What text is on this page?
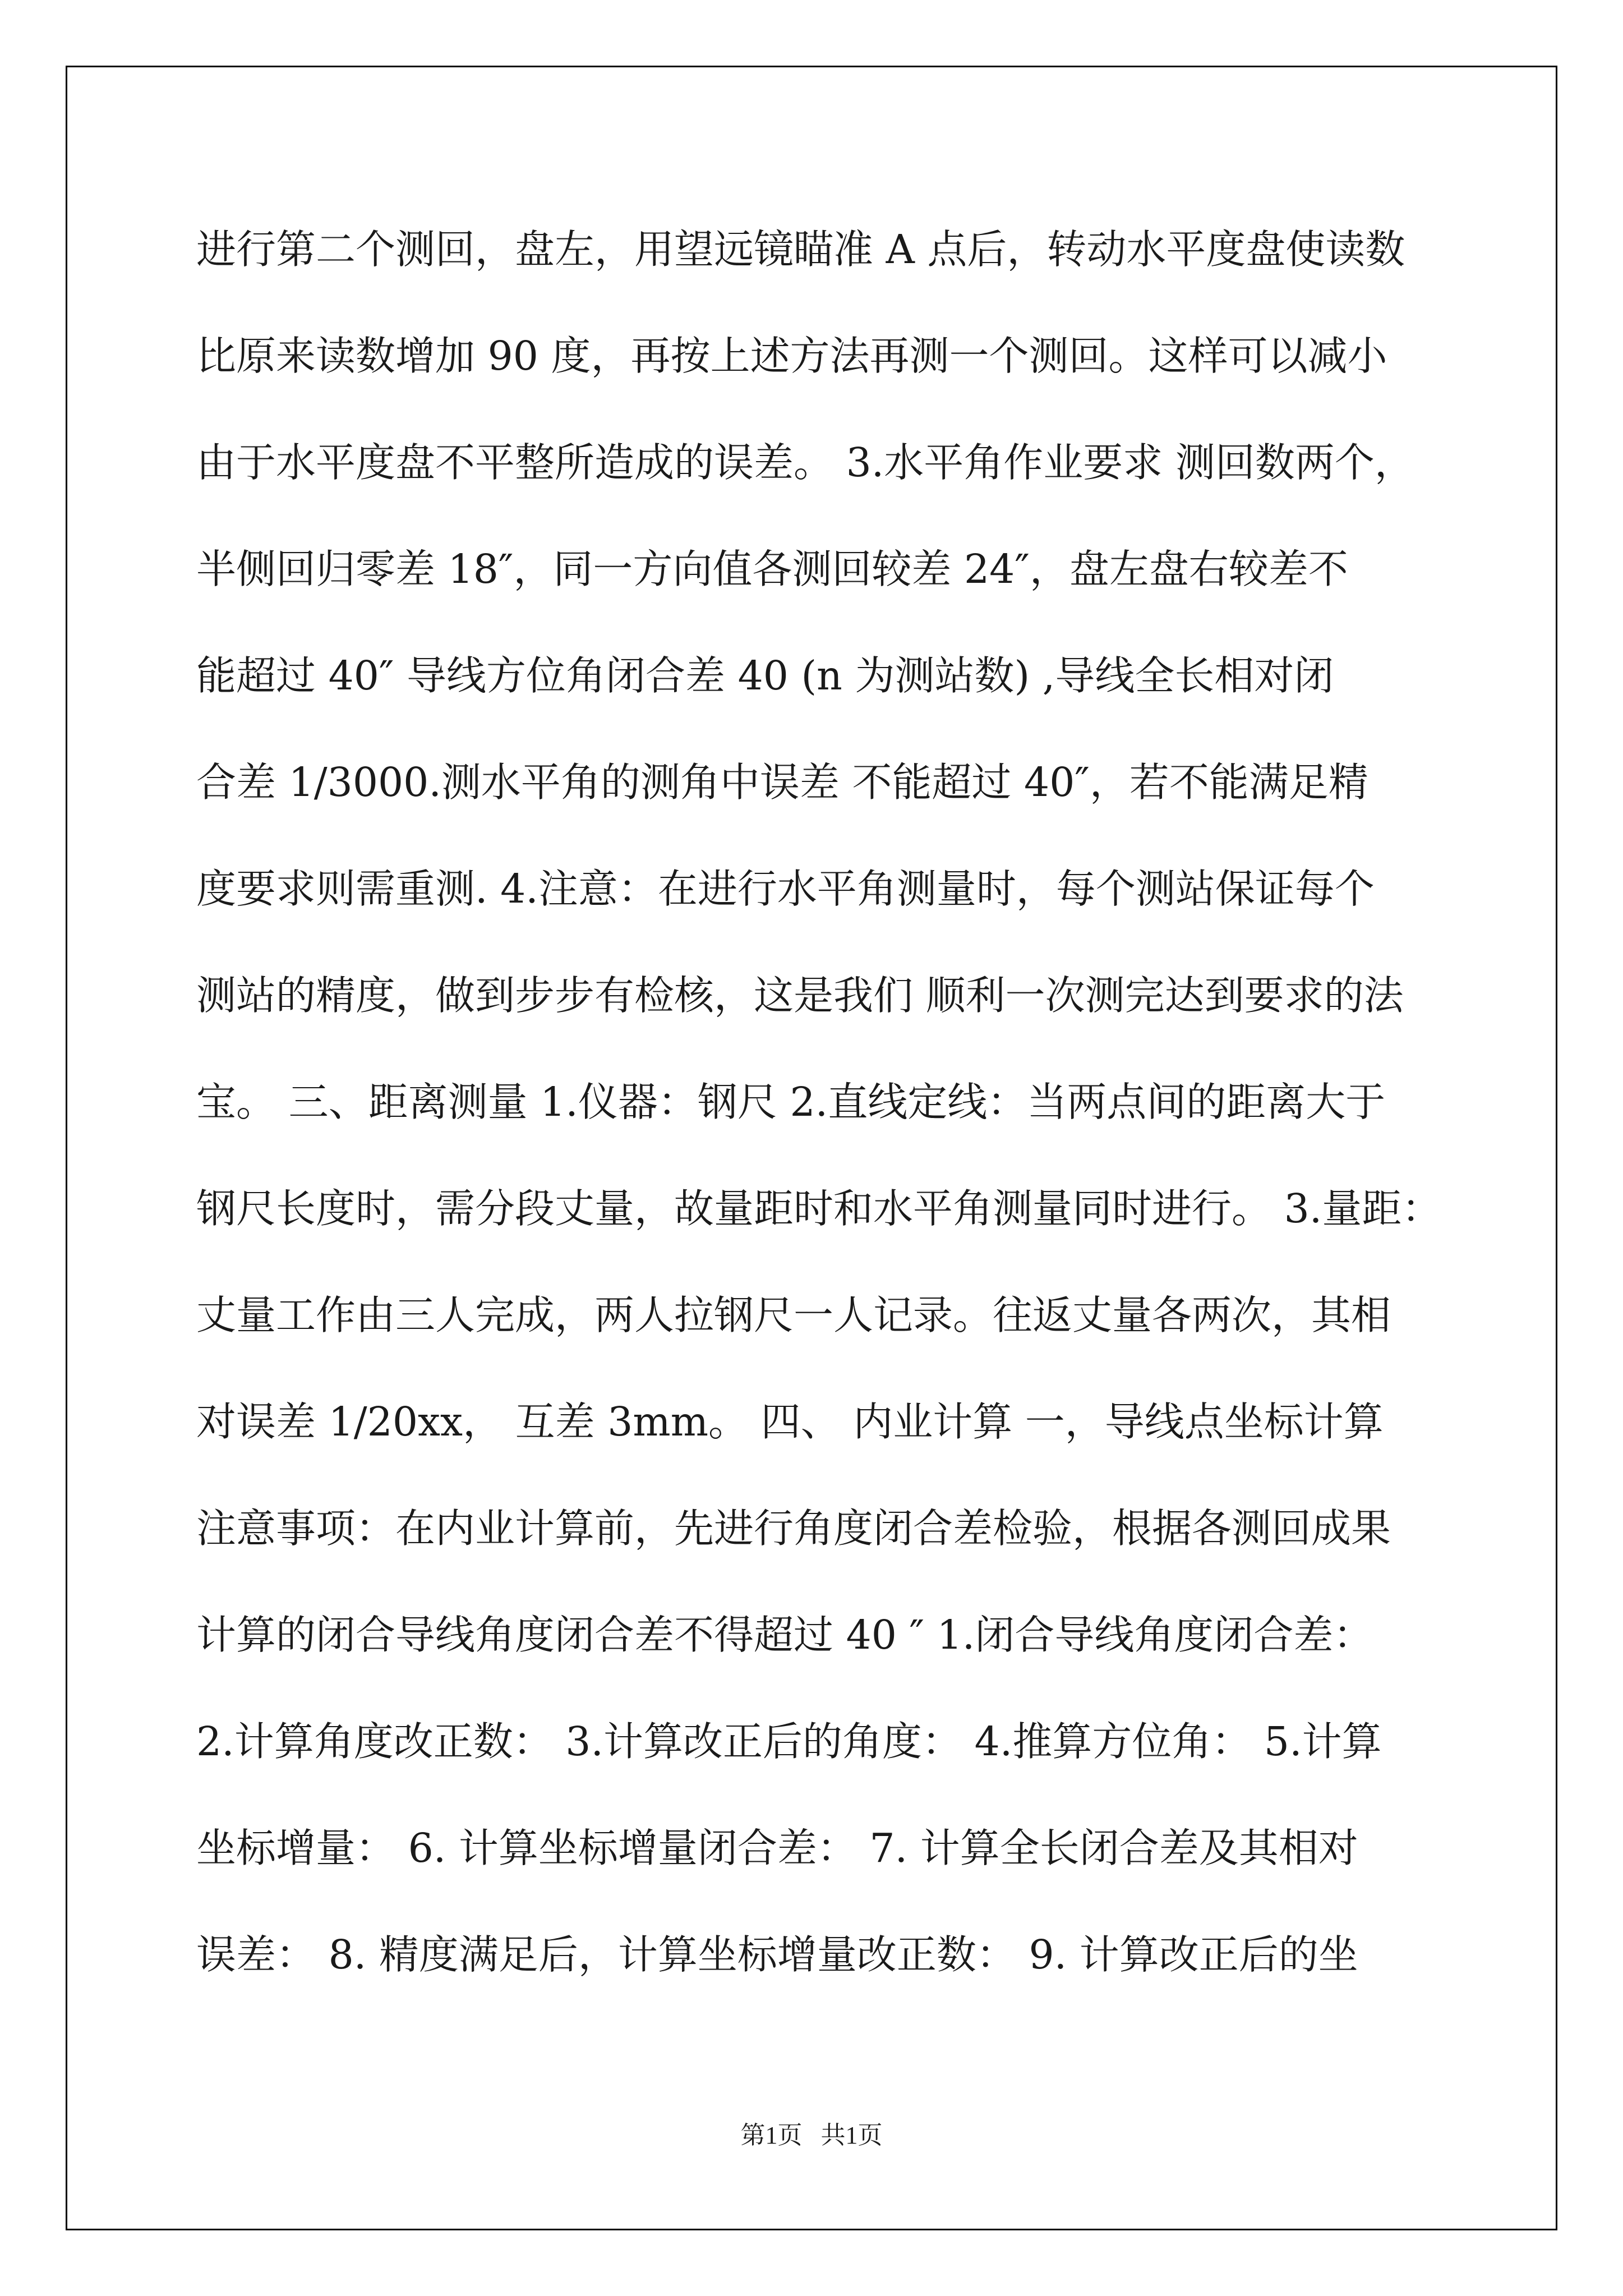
进行第二个测回，盘左，用望远镜瞄准 A 点后，转动水平度盘使读数
比原来读数增加 90 度，再按上述方法再测一个测回。这样可以减小
由于水平度盘不平整所造成的误差。 3.水平角作业要求 测回数两个，
半侧回归零差 18″，同一方向值各测回较差 24″，盘左盘右较差不
能超过 40″ 导线方位角闭合差 40 (n 为测站数) ,导线全长相对闭
合差 1/3000.测水平角的测角中误差 不能超过 40″，若不能满足精
度要求则需重测. 4.注意：在进行水平角测量时，每个测站保证每个
测站的精度，做到步步有检核，这是我们 顺利一次测完达到要求的法
宝。 三、距离测量 1.仪器：钢尺 2.直线定线：当两点间的距离大于
钢尺长度时，需分段丈量，故量距时和水平角测量同时进行。 3.量距：
丈量工作由三人完成，两人拉钢尺一人记录。往返丈量各两次，其相
对误差 1/20xx， 互差 3mm。 四、 内业计算 一，导线点坐标计算
注意事项：在内业计算前，先进行角度闭合差检验，根据各测回成果
计算的闭合导线角度闭合差不得超过 40 ″ 1.闭合导线角度闭合差：
2.计算角度改正数： 3.计算改正后的角度： 4.推算方位角： 5.计算
坐标增量： 6. 计算坐标增量闭合差： 7. 计算全长闭合差及其相对
误差： 8. 精度满足后，计算坐标增量改正数： 9. 计算改正后的坐
第1页   共1页
